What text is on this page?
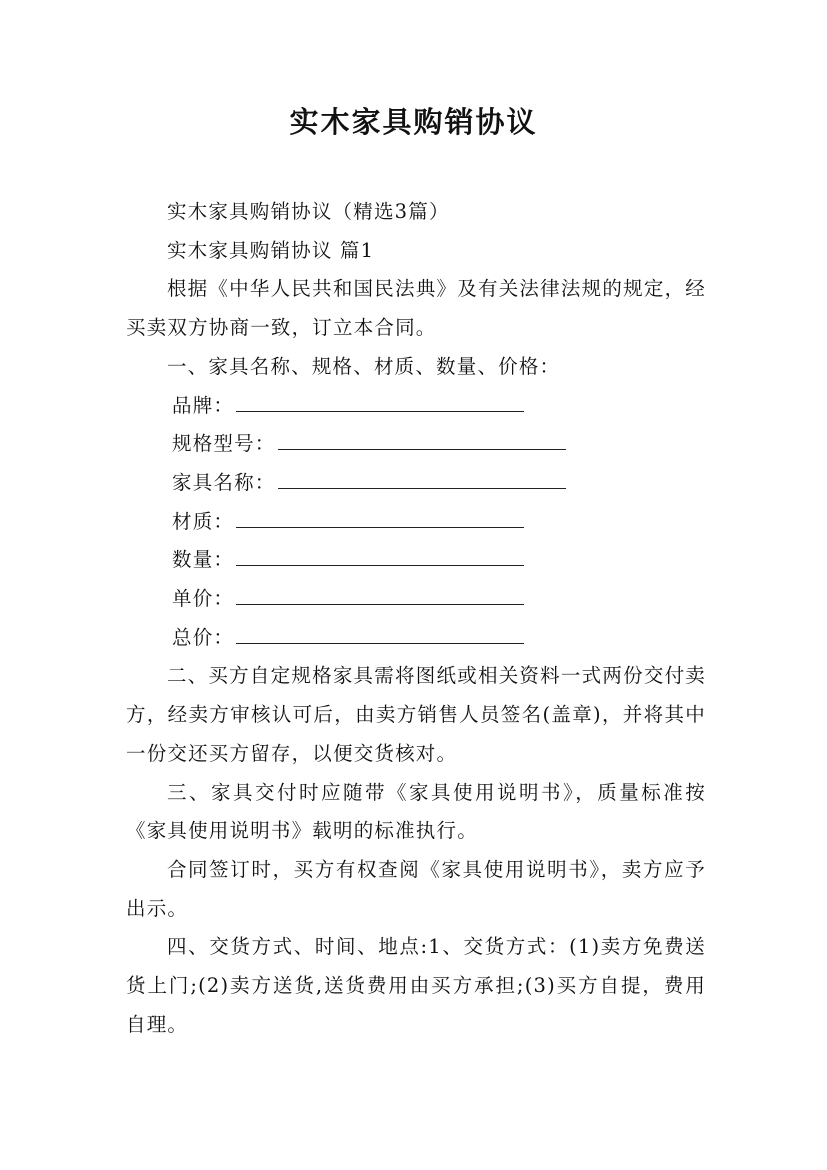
实木家具购销协议

实木家具购销协议（精选3篇）

实木家具购销协议 篇1

根据《中华人民共和国民法典》及有关法律法规的规定，经买卖双方协商一致，订立本合同。

一、家具名称、规格、材质、数量、价格：

品牌：

规格型号：

家具名称：

材质：

数量：

单价：

总价：

二、买方自定规格家具需将图纸或相关资料一式两份交付卖方，经卖方审核认可后，由卖方销售人员签名(盖章)，并将其中一份交还买方留存，以便交货核对。

三、家具交付时应随带《家具使用说明书》，质量标准按《家具使用说明书》载明的标准执行。

合同签订时，买方有权查阅《家具使用说明书》，卖方应予出示。

四、交货方式、时间、地点:1、交货方式：(1)卖方免费送货上门;(2)卖方送货,送货费用由买方承担;(3)买方自提，费用自理。
